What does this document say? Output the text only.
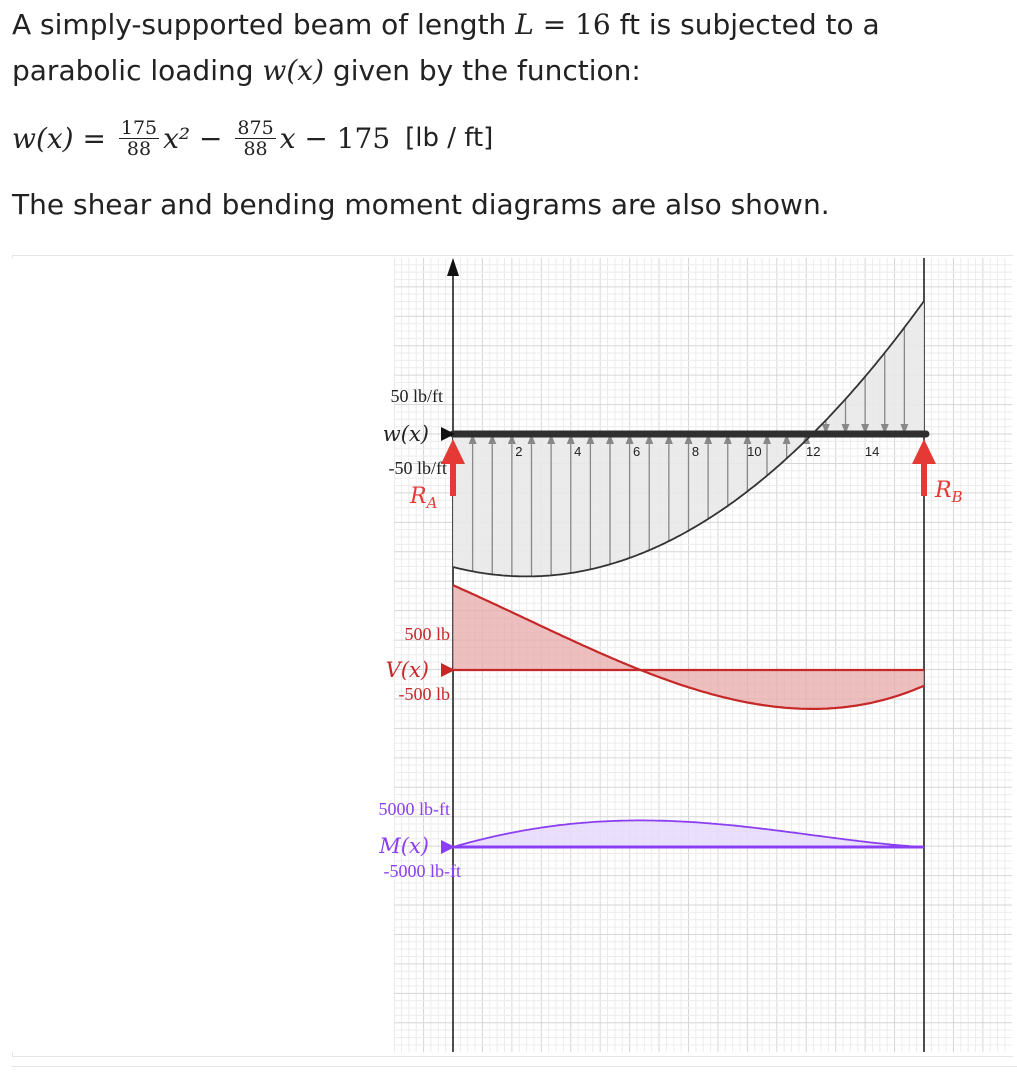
A simply-supported beam of length L = 16 ft is subjected to a parabolic loading w(x) given by the function:
$w(x) = \frac{175}{88} x^2 - \frac{875}{88}$ x − 175 [lb / ft]
The shear and bending moment diagrams are also shown.
50
500
5000
2	4	6	8	10	12	14
50 lb/ft
w(x)
-50 lb/ft
$R_A$	$R_B$
500 lb
V(x)
-500 lb
5000 lb-ft
M(x)
-5000 lb-ft
